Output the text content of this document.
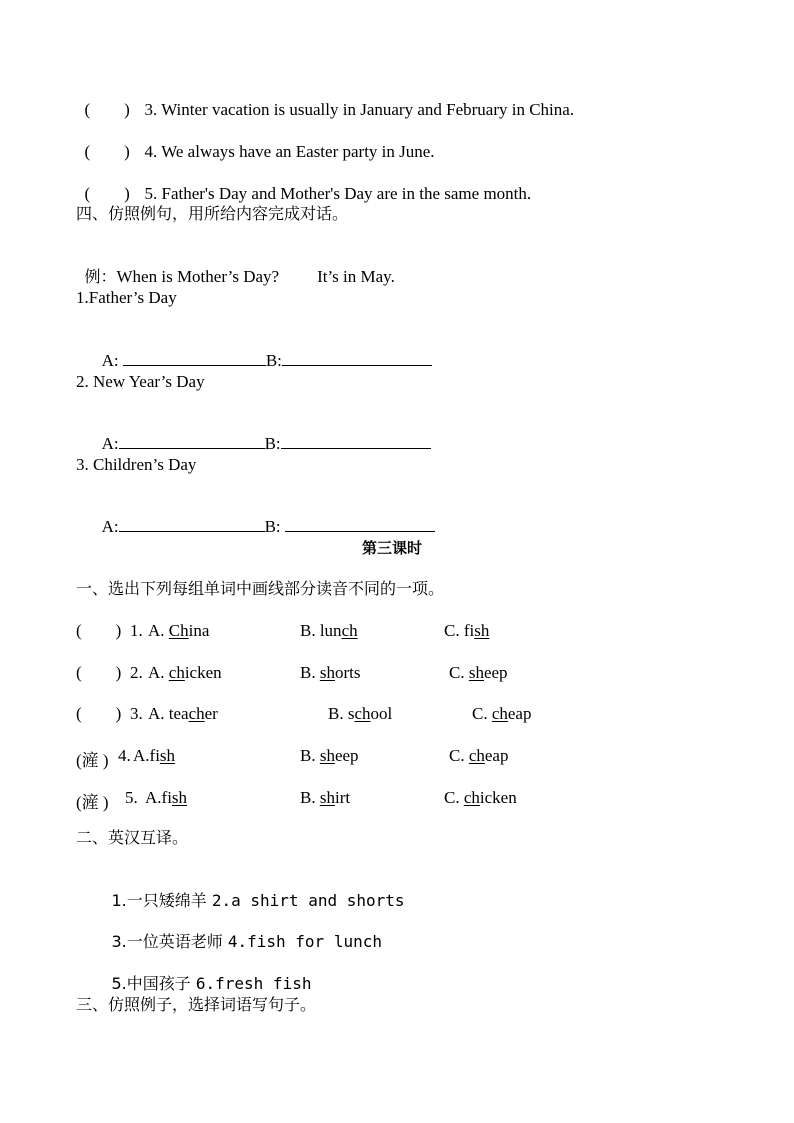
(        ) 3. Winter vacation is usually in January and February in China.

(        ) 4. We always have an Easter party in June.

(        ) 5. Father's Day and Mother's Day are in the same month.

四、仿照例句，用所给内容完成对话。

例：When is Mother’s Day? It’s in May.

1.Father’s Day

A:	B:

2. New Year’s Day

A:	B:

3. Children’s Day

A:	B:

第三课时
一、选出下列每组单词中画线部分读音不同的一项。
(        ) 1. A. China	B. lunch	C. fish
(        ) 2. A. chicken	B. shorts	C. sheep
(        ) 3. A. teacher	B. school	C. cheap
(滻 ) 4. A.fish	B. sheep	C. cheap
(滻 ) 5. A.fish	B. shirt	C. chicken
二、英汉互译。

1.一只矮绵羊 2.a shirt and shorts

3.一位英语老师 4.fish for lunch

5.中国孩子 6.fresh fish

三、仿照例子，选择词语写句子。
